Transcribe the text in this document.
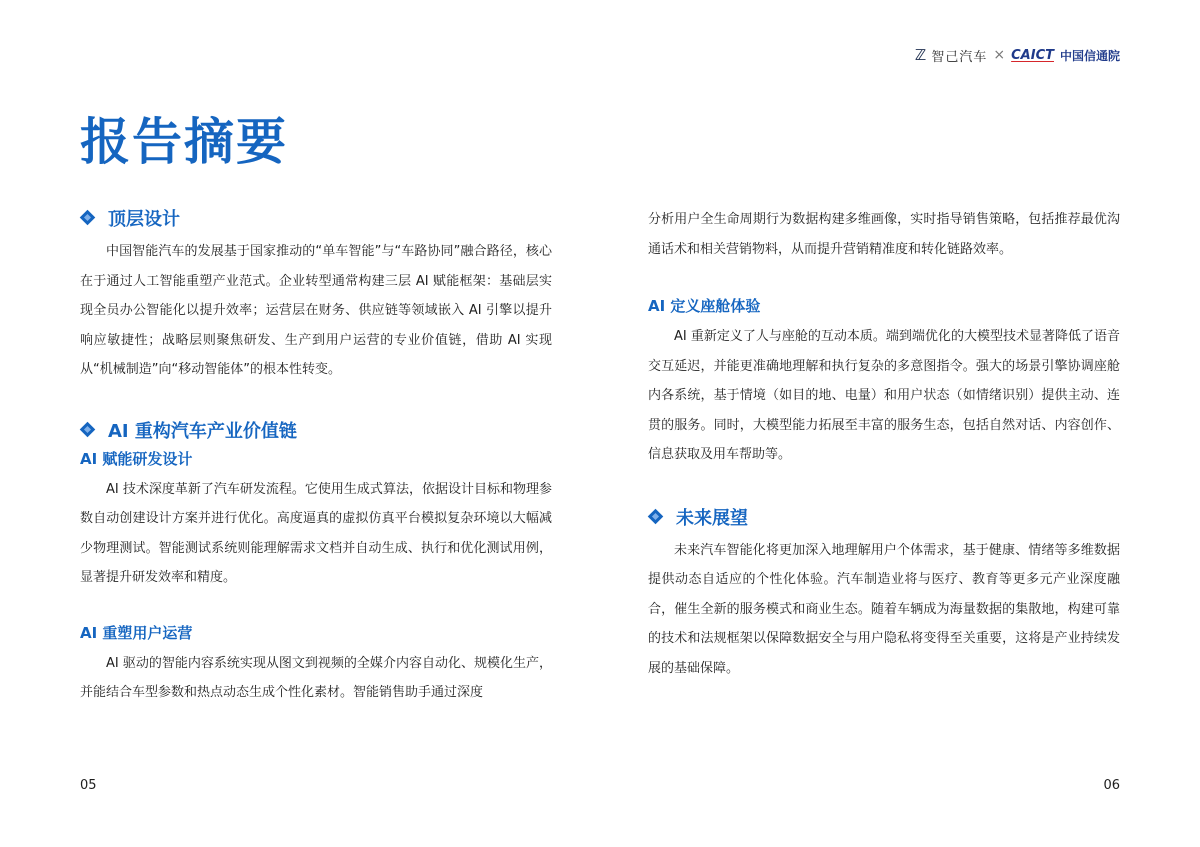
ℤ 智己汽车 × CAICT 中国信通院
报告摘要
顶层设计

中国智能汽车的发展基于国家推动的“单车智能”与“车路协同”融合路径，核心在于通过人工智能重塑产业范式。企业转型通常构建三层 AI 赋能框架：基础层实现全员办公智能化以提升效率；运营层在财务、供应链等领域嵌入 AI 引擎以提升响应敏捷性；战略层则聚焦研发、生产到用户运营的专业价值链，借助 AI 实现从“机械制造”向“移动智能体”的根本性转变。

AI 重构汽车产业价值链
AI 赋能研发设计

AI 技术深度革新了汽车研发流程。它使用生成式算法，依据设计目标和物理参数自动创建设计方案并进行优化。高度逼真的虚拟仿真平台模拟复杂环境以大幅减少物理测试。智能测试系统则能理解需求文档并自动生成、执行和优化测试用例，显著提升研发效率和精度。

AI 重塑用户运营

AI 驱动的智能内容系统实现从图文到视频的全媒介内容自动化、规模化生产，并能结合车型参数和热点动态生成个性化素材。智能销售助手通过深度

分析用户全生命周期行为数据构建多维画像，实时指导销售策略，包括推荐最优沟通话术和相关营销物料，从而提升营销精准度和转化链路效率。

AI 定义座舱体验

AI 重新定义了人与座舱的互动本质。端到端优化的大模型技术显著降低了语音交互延迟，并能更准确地理解和执行复杂的多意图指令。强大的场景引擎协调座舱内各系统，基于情境（如目的地、电量）和用户状态（如情绪识别）提供主动、连贯的服务。同时，大模型能力拓展至丰富的服务生态，包括自然对话、内容创作、信息获取及用车帮助等。

未来展望

未来汽车智能化将更加深入地理解用户个体需求，基于健康、情绪等多维数据提供动态自适应的个性化体验。汽车制造业将与医疗、教育等更多元产业深度融合，催生全新的服务模式和商业生态。随着车辆成为海量数据的集散地，构建可靠的技术和法规框架以保障数据安全与用户隐私将变得至关重要，这将是产业持续发展的基础保障。

05	06
